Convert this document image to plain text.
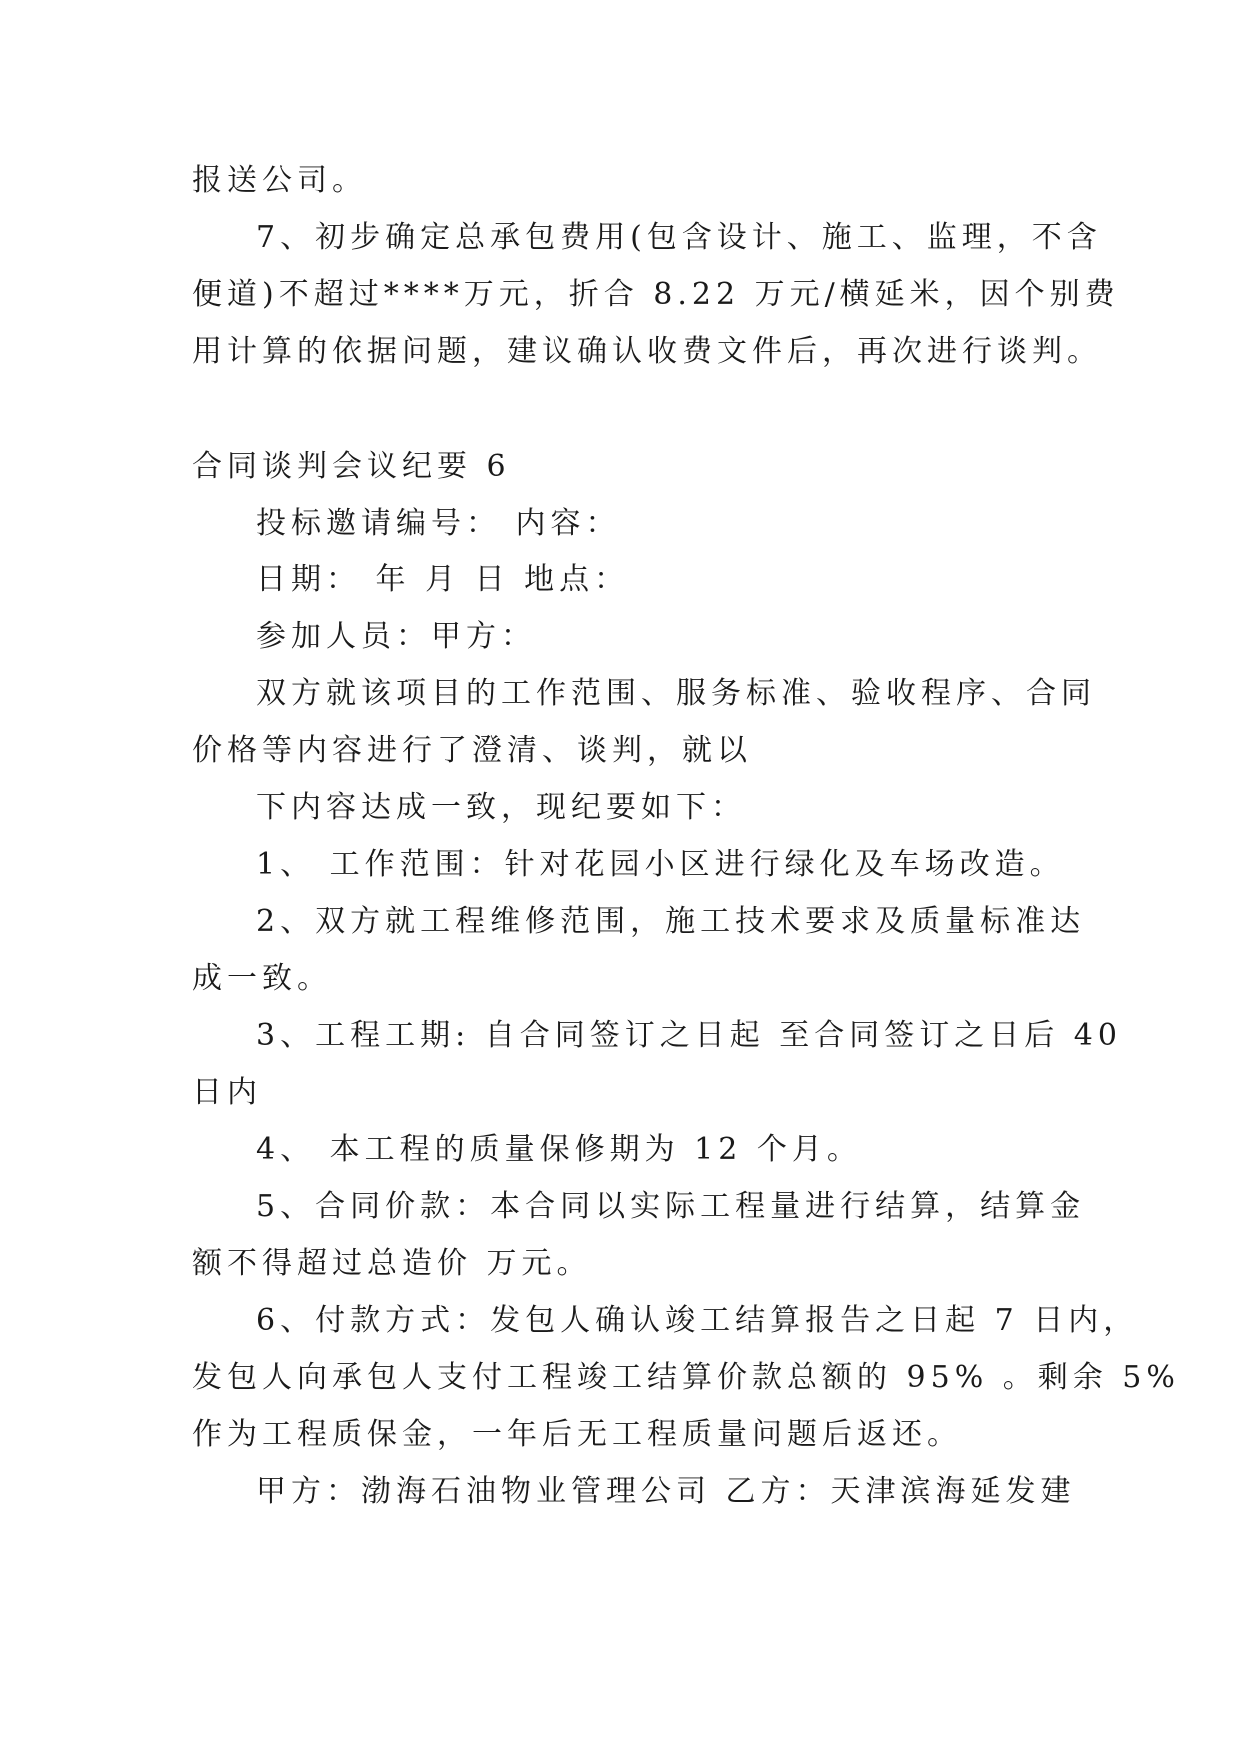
报送公司。
7、初步确定总承包费用(包含设计、施工、监理，不含
便道)不超过****万元，折合 8.22 万元/横延米，因个别费
用计算的依据问题，建议确认收费文件后，再次进行谈判。
合同谈判会议纪要 6
投标邀请编号： 内容：
日期： 年 月 日 地点：
参加人员：甲方：
双方就该项目的工作范围、服务标准、验收程序、合同
价格等内容进行了澄清、谈判，就以
下内容达成一致，现纪要如下：
1、 工作范围：针对花园小区进行绿化及车场改造。
2、双方就工程维修范围，施工技术要求及质量标准达
成一致。
3、工程工期: 自合同签订之日起 至合同签订之日后 40
日内
4、 本工程的质量保修期为 12 个月。
5、合同价款：本合同以实际工程量进行结算，结算金
额不得超过总造价 万元。
6、付款方式：发包人确认竣工结算报告之日起 7 日内，
发包人向承包人支付工程竣工结算价款总额的 95% 。剩余 5%
作为工程质保金，一年后无工程质量问题后返还。
甲方：渤海石油物业管理公司 乙方：天津滨海延发建
